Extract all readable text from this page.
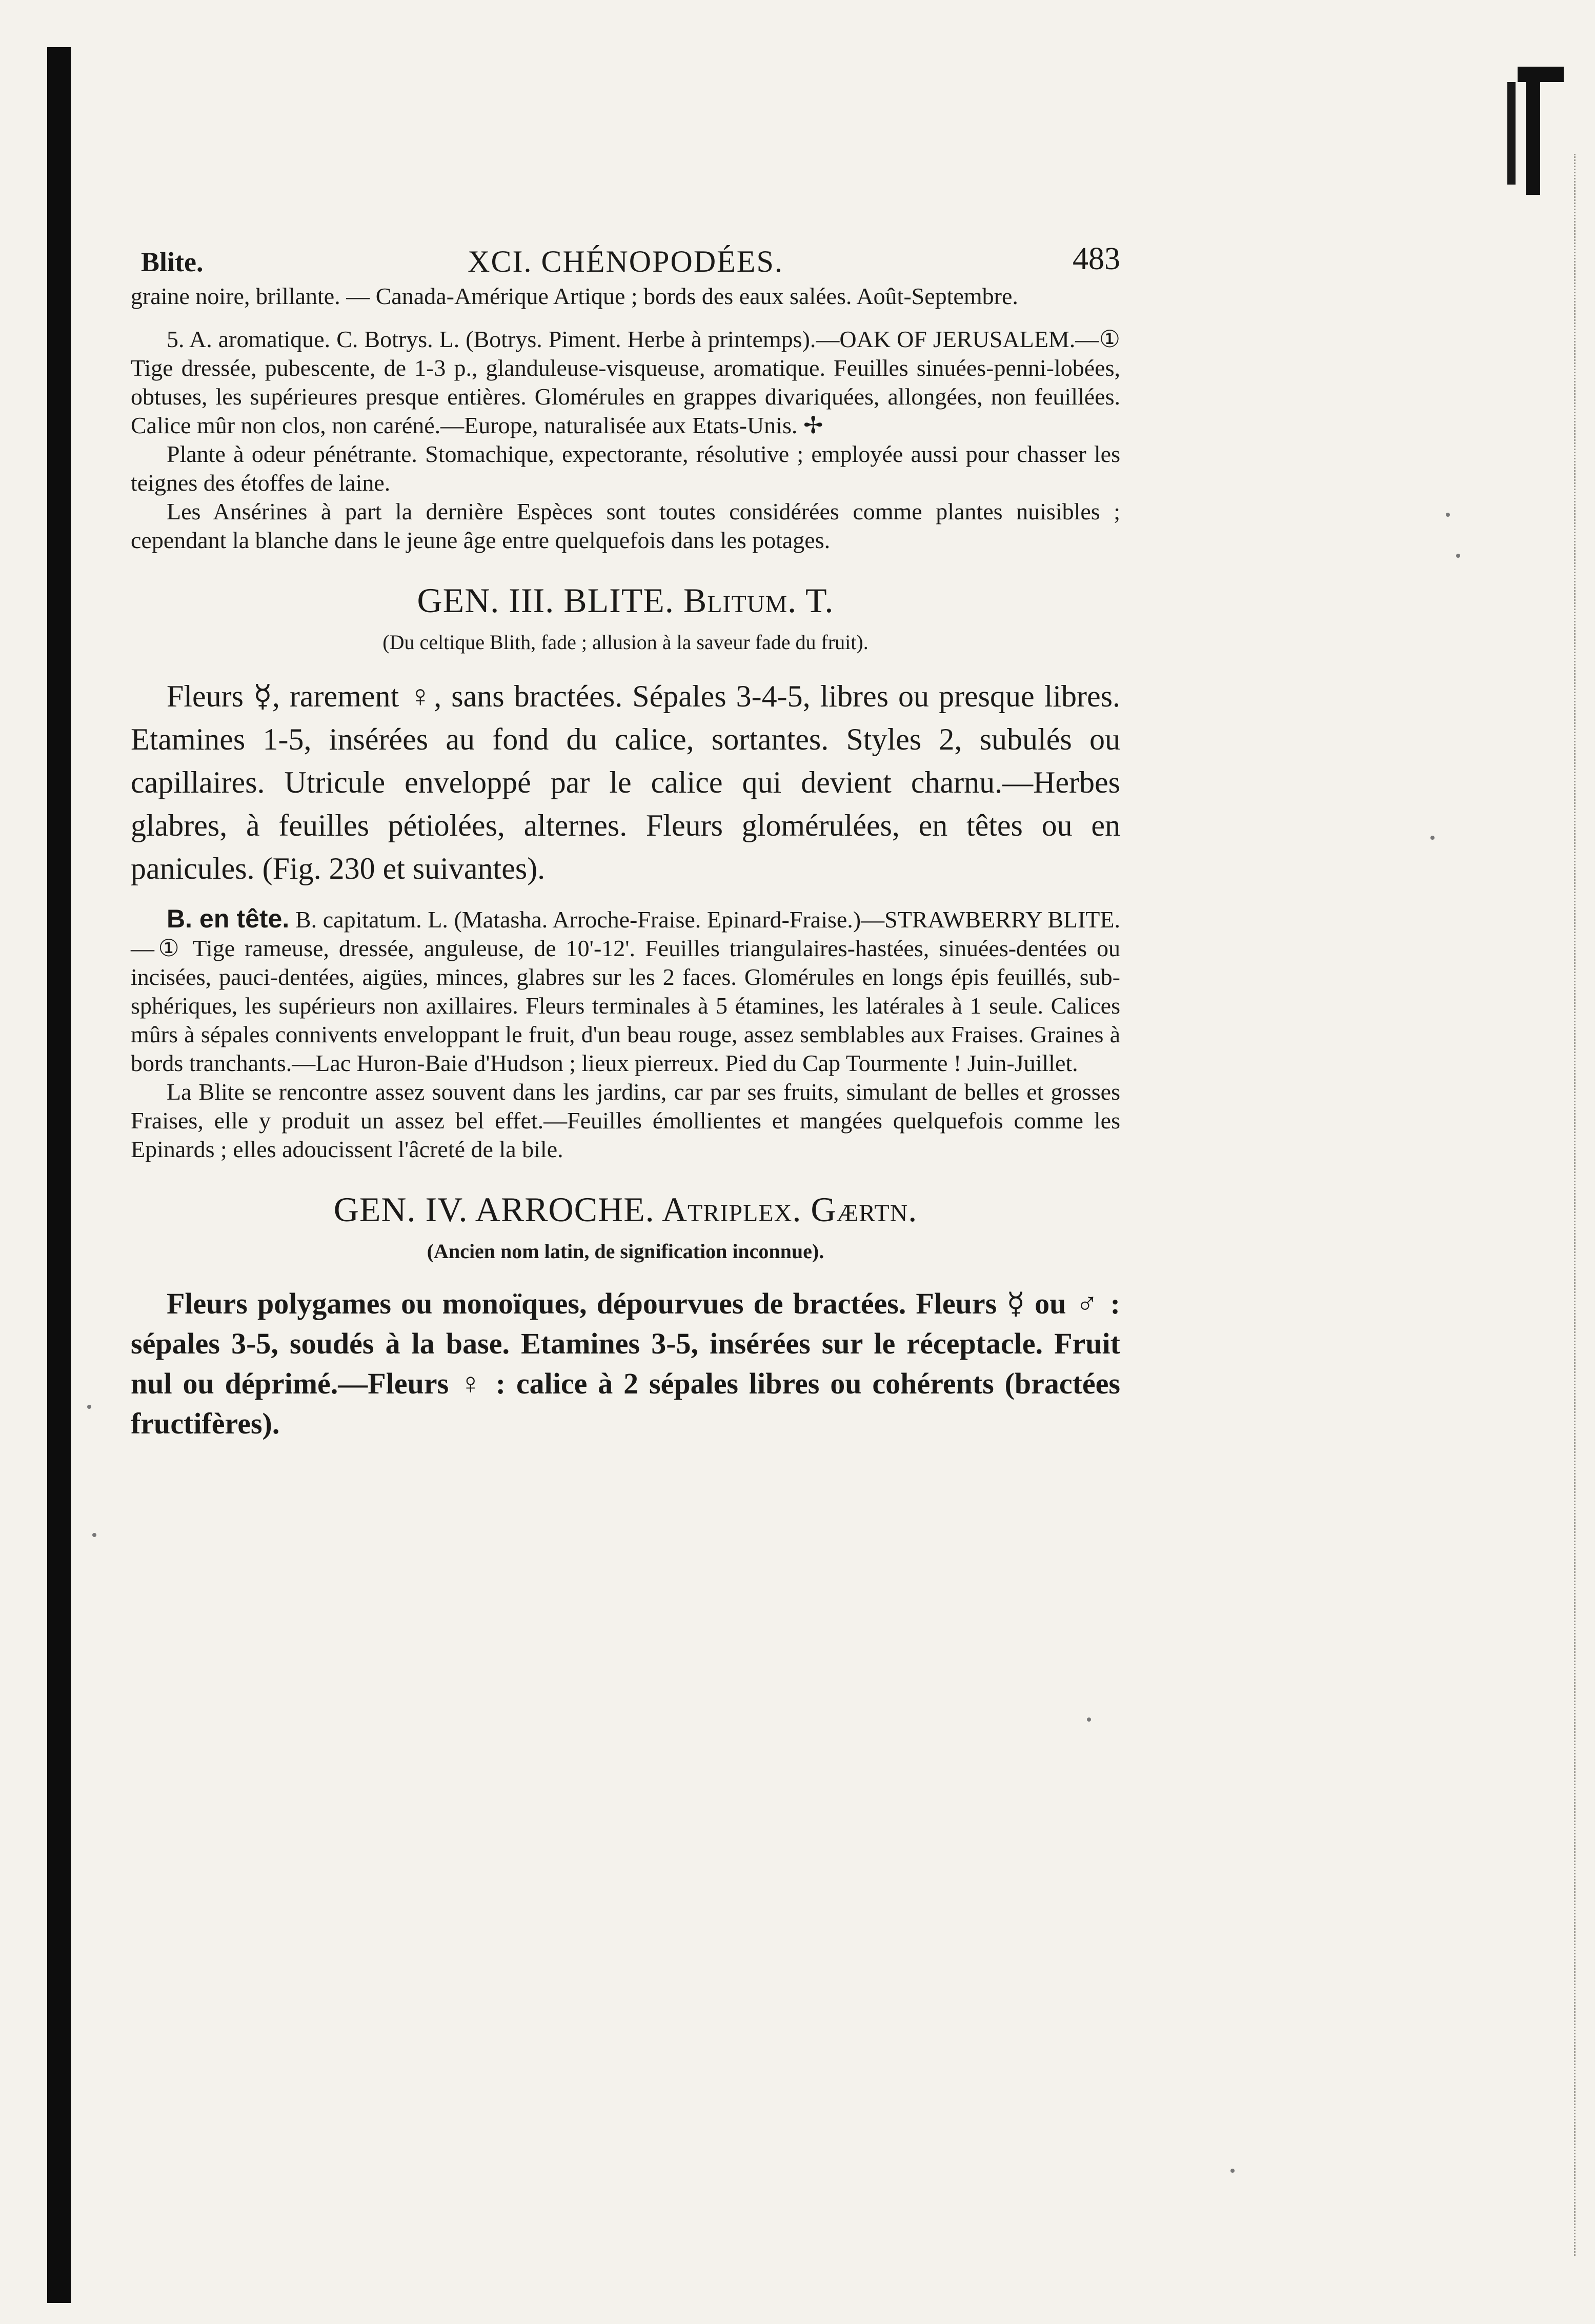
Blite.	XCI. CHÉNOPODÉES.	483

graine noire, brillante. — Canada-Amérique Artique ; bords des eaux salées. Août-Septembre.

5. A. aromatique. C. Botrys. L. (Botrys. Piment. Herbe à printemps).—OAK OF JERUSALEM.—① Tige dressée, pubescente, de 1-3 p., glanduleuse-visqueuse, aromatique. Feuilles sinuées-penni-lobées, obtuses, les supérieures presque entières. Glomérules en grappes divariquées, allongées, non feuillées. Calice mûr non clos, non caréné.—Europe, naturalisée aux Etats-Unis. ✢

Plante à odeur pénétrante. Stomachique, expectorante, résolutive ; employée aussi pour chasser les teignes des étoffes de laine.

Les Ansérines à part la dernière Espèces sont toutes considérées comme plantes nuisibles ; cependant la blanche dans le jeune âge entre quelquefois dans les potages.

GEN. III. BLITE. Blitum. T.
(Du celtique Blith, fade ; allusion à la saveur fade du fruit).

Fleurs ☿, rarement ♀, sans bractées. Sépales 3-4-5, libres ou presque libres. Etamines 1-5, insérées au fond du calice, sortantes. Styles 2, subulés ou capillaires. Utricule enveloppé par le calice qui devient charnu.—Herbes glabres, à feuilles pétiolées, alternes. Fleurs glomérulées, en têtes ou en panicules. (Fig. 230 et suivantes).

B. en tête. B. capitatum. L. (Matasha. Arroche-Fraise. Epinard-Fraise.)—STRAWBERRY BLITE.—① Tige rameuse, dressée, anguleuse, de 10'-12'. Feuilles triangulaires-hastées, sinuées-dentées ou incisées, pauci-dentées, aigües, minces, glabres sur les 2 faces. Glomérules en longs épis feuillés, sub-sphériques, les supérieurs non axillaires. Fleurs terminales à 5 étamines, les latérales à 1 seule. Calices mûrs à sépales connivents enveloppant le fruit, d'un beau rouge, assez semblables aux Fraises. Graines à bords tranchants.—Lac Huron-Baie d'Hudson ; lieux pierreux. Pied du Cap Tourmente ! Juin-Juillet.

La Blite se rencontre assez souvent dans les jardins, car par ses fruits, simulant de belles et grosses Fraises, elle y produit un assez bel effet.—Feuilles émollientes et mangées quelquefois comme les Epinards ; elles adoucissent l'âcreté de la bile.

GEN. IV. ARROCHE. Atriplex. Gærtn.
(Ancien nom latin, de signification inconnue).

Fleurs polygames ou monoïques, dépourvues de bractées. Fleurs ☿ ou ♂ : sépales 3-5, soudés à la base. Etamines 3-5, insérées sur le réceptacle. Fruit nul ou déprimé.—Fleurs ♀ : calice à 2 sépales libres ou cohérents (bractées fructifères).
